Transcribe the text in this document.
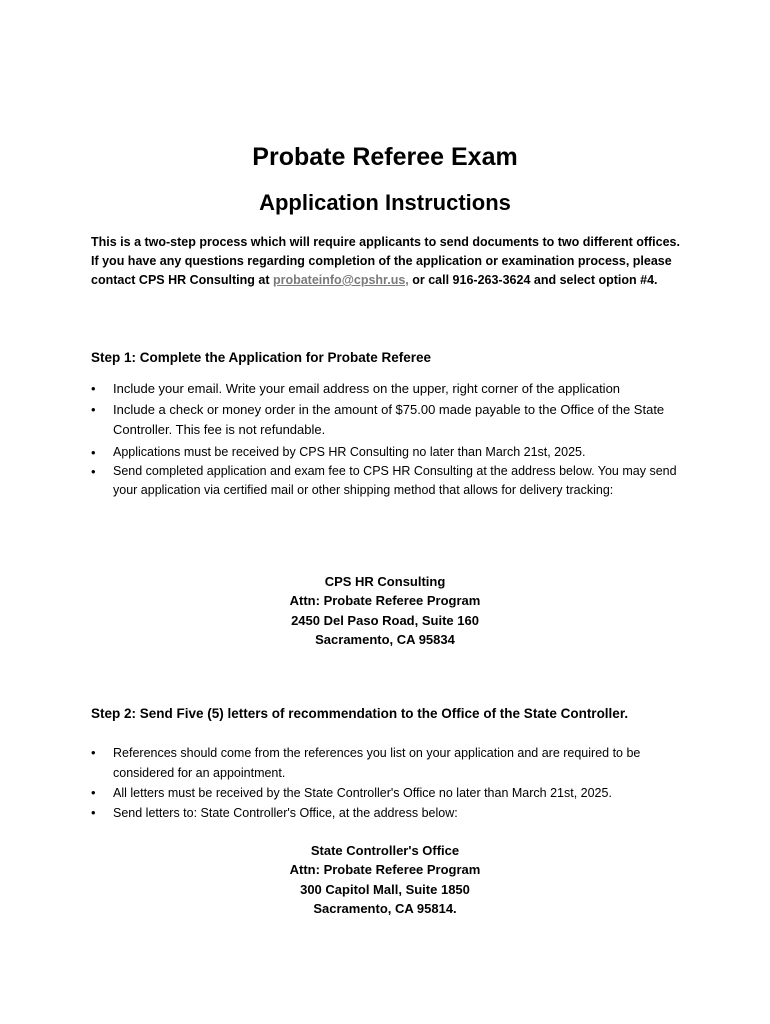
Probate Referee Exam
Application Instructions
This is a two-step process which will require applicants to send documents to two different offices. If you have any questions regarding completion of the application or examination process, please contact CPS HR Consulting at probateinfo@cpshr.us, or call 916-263-3624 and select option #4.
Step 1: Complete the Application for Probate Referee
• Include your email. Write your email address on the upper, right corner of the application
• Include a check or money order in the amount of $75.00 made payable to the Office of the State Controller. This fee is not refundable.
• Applications must be received by CPS HR Consulting no later than March 21st, 2025.
• Send completed application and exam fee to CPS HR Consulting at the address below. You may send your application via certified mail or other shipping method that allows for delivery tracking:
CPS HR Consulting
Attn: Probate Referee Program
2450 Del Paso Road, Suite 160
Sacramento, CA 95834
Step 2: Send Five (5) letters of recommendation to the Office of the State Controller.
• References should come from the references you list on your application and are required to be considered for an appointment.
• All letters must be received by the State Controller's Office no later than March 21st, 2025.
• Send letters to: State Controller's Office, at the address below:
State Controller's Office
Attn: Probate Referee Program
300 Capitol Mall, Suite 1850
Sacramento, CA 95814.
